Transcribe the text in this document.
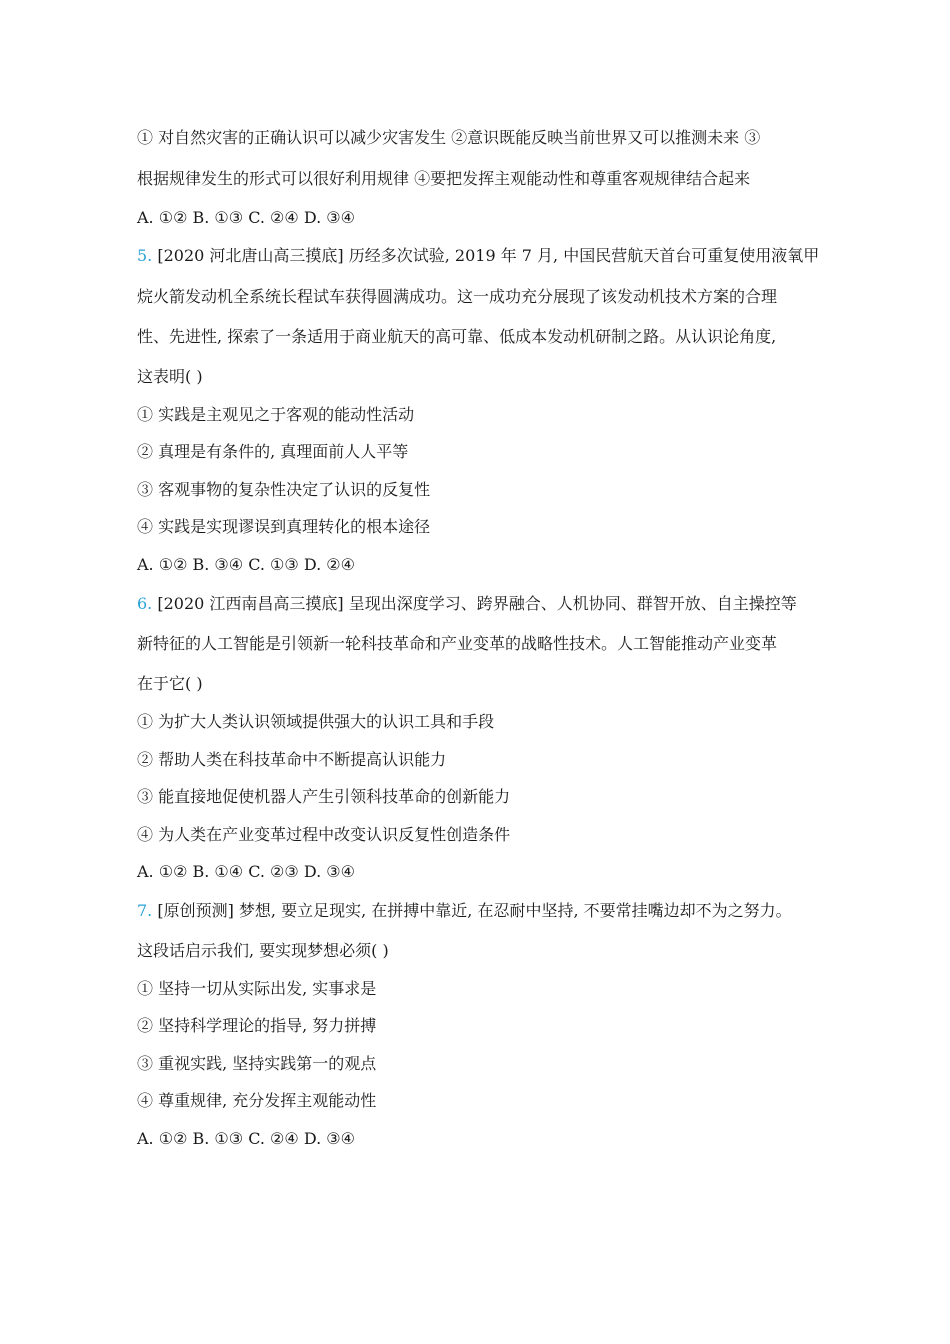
① 对自然灾害的正确认识可以减少灾害发生 ②意识既能反映当前世界又可以推测未来 ③
根据规律发生的形式可以很好利用规律 ④要把发挥主观能动性和尊重客观规律结合起来
A. ①② B. ①③ C. ②④ D. ③④
5. [2020 河北唐山高三摸底] 历经多次试验, 2019 年 7 月, 中国民营航天首台可重复使用液氧甲
烷火箭发动机全系统长程试车获得圆满成功。这一成功充分展现了该发动机技术方案的合理
性、先进性, 探索了一条适用于商业航天的高可靠、低成本发动机研制之路。从认识论角度,
这表明( )
① 实践是主观见之于客观的能动性活动
② 真理是有条件的, 真理面前人人平等
③ 客观事物的复杂性决定了认识的反复性
④ 实践是实现谬误到真理转化的根本途径
A. ①② B. ③④ C. ①③ D. ②④
6. [2020 江西南昌高三摸底] 呈现出深度学习、跨界融合、人机协同、群智开放、自主操控等
新特征的人工智能是引领新一轮科技革命和产业变革的战略性技术。人工智能推动产业变革
在于它( )
① 为扩大人类认识领域提供强大的认识工具和手段
② 帮助人类在科技革命中不断提高认识能力
③ 能直接地促使机器人产生引领科技革命的创新能力
④ 为人类在产业变革过程中改变认识反复性创造条件
A. ①② B. ①④ C. ②③ D. ③④
7. [原创预测] 梦想, 要立足现实, 在拼搏中靠近, 在忍耐中坚持, 不要常挂嘴边却不为之努力。
这段话启示我们, 要实现梦想必须( )
① 坚持一切从实际出发, 实事求是
② 坚持科学理论的指导, 努力拼搏
③ 重视实践, 坚持实践第一的观点
④ 尊重规律, 充分发挥主观能动性
A. ①② B. ①③ C. ②④ D. ③④
